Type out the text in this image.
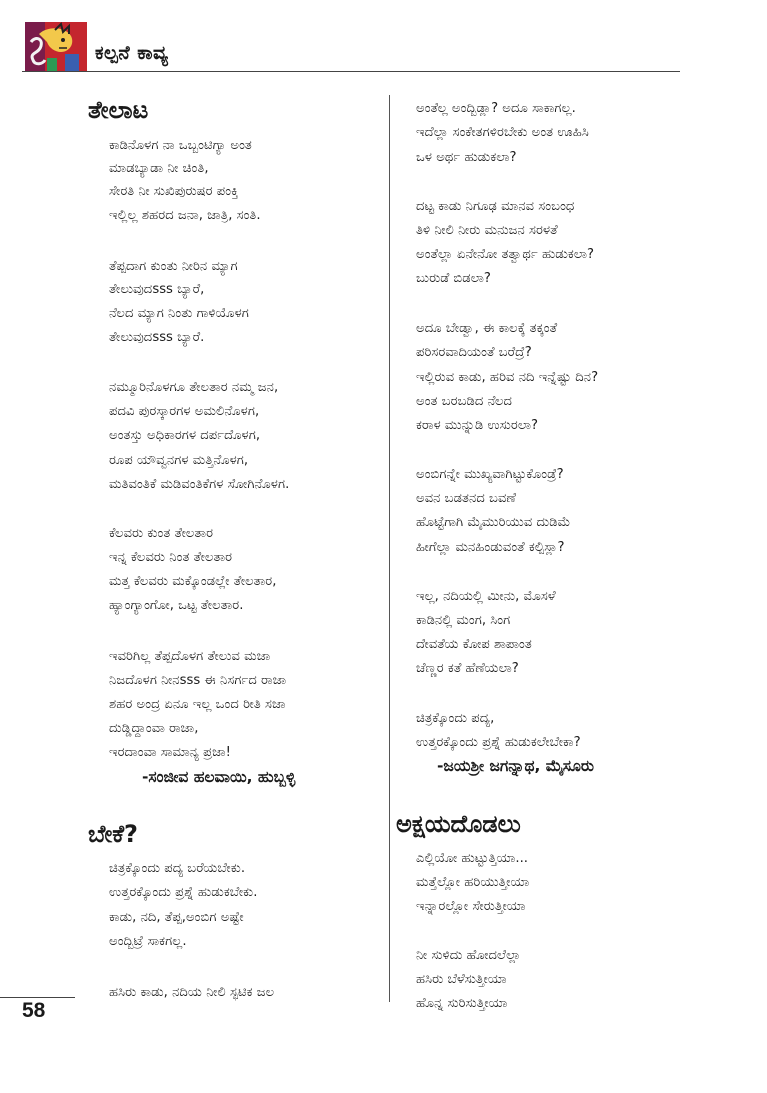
ಕಲ್ಪನೆ ಕಾವ್ಯ
ತೇಲಾಟ
ಕಾಡಿನೊಳಗ ನಾ ಒಬ್ಬಂಟಿಗ್ಯಾ ಅಂತ
ಮಾಡಬ್ಯಾಡಾ ನೀ ಚಿಂತಿ,
ಸೇರತಿ ನೀ ಸುಖಿಪುರುಷರ ಪಂಕ್ತಿ
ಇಲ್ಲಿಲ್ಲ ಶಹರದ ಜನಾ, ಜಾತ್ರಿ, ಸಂತಿ.
ತೆಪ್ಪದಾಗ ಕುಂತು ನೀರಿನ ಮ್ಯಾಗ
ತೇಲುವುದsss ಬ್ಯಾರೆ,
ನೆಲದ ಮ್ಯಾಗ ನಿಂತು ಗಾಳಿಯೊಳಗ
ತೇಲುವುದsss ಬ್ಯಾರೆ.
ನಮ್ಮೂರಿನೊಳಗೂ ತೇಲತಾರ ನಮ್ಮ ಜನ,
ಪದವಿ ಪುರಸ್ಕಾರಗಳ ಅಮಲಿನೊಳಗ,
ಅಂತಸ್ತು ಅಧಿಕಾರಗಳ ದರ್ಪದೊಳಗ,
ರೂಪ ಯೌವ್ವನಗಳ ಮತ್ತಿನೊಳಗ,
ಮತಿವಂತಿಕೆ ಮಡಿವಂತಿಕೆಗಳ ಸೋಗಿನೊಳಗ.
ಕೆಲವರು ಕುಂತ ತೇಲತಾರ
ಇನ್ನ ಕೆಲವರು ನಿಂತ ತೇಲತಾರ
ಮತ್ತ ಕೆಲವರು ಮಕ್ಕೊಂಡಲ್ಲೇ ತೇಲತಾರ,
ಹ್ಯಾಂಗ್ಯಾಂಗೋ, ಒಟ್ಟ ತೇಲತಾರ.
ಇವರಿಗಿಲ್ಲ ತೆಪ್ಪದೊಳಗ ತೇಲುವ ಮಜಾ
ನಿಜದೊಳಗ ನೀನsss ಈ ನಿಸರ್ಗದ ರಾಜಾ
ಶಹರ ಅಂದ್ರ ಏನೂ ಇಲ್ಲ ಒಂದ ರೀತಿ ಸಜಾ
ದುಡ್ಡಿದ್ದಾಂವಾ ರಾಜಾ,
ಇರದಾಂವಾ ಸಾಮಾನ್ಯ ಪ್ರಜಾ!
-ಸಂಜೀವ ಹಲವಾಯಿ, ಹುಬ್ಬಳ್ಳಿ
ಬೇಕೆ?
ಚಿತ್ರಕ್ಕೊಂದು ಪದ್ಯ ಬರೆಯಬೇಕು.
ಉತ್ತರಕ್ಕೊಂದು ಪ್ರಶ್ನೆ ಹುಡುಕಬೇಕು.
ಕಾಡು, ನದಿ, ತೆಪ್ಪ,ಅಂಬಿಗ ಅಷ್ಟೇ
ಅಂದ್ಬಿಟ್ರೆ ಸಾಕಗಲ್ಲ.
ಹಸಿರು ಕಾಡು, ನದಿಯ ನೀಲಿ ಸ್ಫಟಿಕ ಜಲ
ಅಂತೆಲ್ಲ ಅಂದ್ಬಿಡ್ಲಾ? ಅದೂ ಸಾಕಾಗಲ್ಲ.
ಇದೆಲ್ಲಾ ಸಂಕೇತಗಳಿರಬೇಕು ಅಂತ ಊಹಿಸಿ
ಒಳ ಅರ್ಥ ಹುಡುಕಲಾ?
ದಟ್ಟ ಕಾಡು ನಿಗೂಢ ಮಾನವ ಸಂಬಂಧ
ತಿಳಿ ನೀಲಿ ನೀರು ಮನುಜನ ಸರಳತೆ
ಅಂತೆಲ್ಲಾ ಏನೇನೋ ತತ್ವಾರ್ಥ ಹುಡುಕಲಾ?
ಬುರುಡೆ ಬಿಡಲಾ?
ಅದೂ ಬೇಡ್ವಾ, ಈ ಕಾಲಕ್ಕೆ ತಕ್ಕಂತೆ
ಪರಿಸರವಾದಿಯಂತೆ ಬರೆದ್ರೆ?
ಇಲ್ಲಿರುವ ಕಾಡು, ಹರಿವ ನದಿ ಇನ್ನೆಷ್ಟು ದಿನ?
ಅಂತ ಬರಬಡಿದ ನೆಲದ
ಕರಾಳ ಮುನ್ನುಡಿ ಉಸುರಲಾ?
ಅಂಬಿಗನ್ನೇ ಮುಖ್ಯವಾಗಿಟ್ಟುಕೊಂಡ್ರೆ?
ಅವನ ಬಡತನದ ಬವಣೆ
ಹೊಟ್ಟೆಗಾಗಿ ಮೈಮುರಿಯುವ ದುಡಿಮೆ
ಹೀಗೆಲ್ಲಾ ಮನಹಿಂಡುವಂತೆ ಕಲ್ಪಿಸ್ಲಾ?
ಇಲ್ಲ, ನದಿಯಲ್ಲಿ ಮೀನು, ಮೊಸಳೆ
ಕಾಡಿನಲ್ಲಿ ಮಂಗ, ಸಿಂಗ
ದೇವತೆಯ ಕೋಪ ಶಾಪಾಂತ
ಚೆಣ್ಣರ ಕತೆ ಹೆಣೆಯಲಾ?
ಚಿತ್ರಕ್ಕೊಂದು ಪದ್ಯ,
ಉತ್ತರಕ್ಕೊಂದು ಪ್ರಶ್ನೆ ಹುಡುಕಲೇಬೇಕಾ?
-ಜಯಶ್ರೀ ಜಗನ್ನಾಥ, ಮೈಸೂರು
ಅಕ್ಷಯದೊಡಲು
ಎಲ್ಲಿಯೋ ಹುಟ್ಟುತ್ತಿಯಾ...
ಮತ್ತೆಲ್ಲೋ ಹರಿಯುತ್ತೀಯಾ
ಇನ್ನಾರಲ್ಲೋ ಸೇರುತ್ತೀಯಾ
ನೀ ಸುಳಿದು ಹೋದಲೆಲ್ಲಾ
ಹಸಿರು ಬೆಳೆಸುತ್ತೀಯಾ
ಹೊನ್ನ ಸುರಿಸುತ್ತೀಯಾ
58
